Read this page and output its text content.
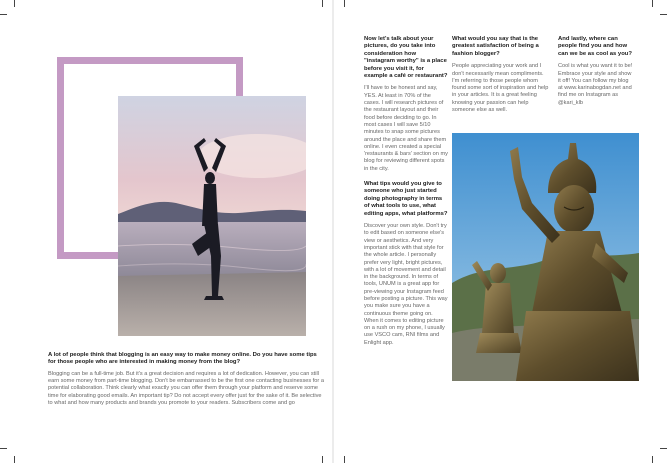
A lot of people think that blogging is an easy way to make money online. Do you have some tips for those people who are interested in making money from the blog?

Blogging can be a full-time job. But it's a great decision and requires a lot of dedication. However, you can still earn some money from part-time blogging. Don't be embarrassed to be the first one contacting businesses for a potential collaboration. Think clearly what exactly you can offer them through your platform and reserve some time for elaborating good emails. An important tip? Do not accept every offer just for the sake of it. Be selective to what and how many products and brands you promote to your readers. Subscribers come and go

Now let's talk about your pictures, do you take into consideration how "instagram worthy" is a place before you visit it, for example a café or restaurant?

I'll have to be honest and say, YES. At least in 70% of the cases. I will research pictures of the restaurant layout and their food before deciding to go. In most cases I will save 5/10 minutes to snap some pictures around the place and share them online. I even created a special 'restaurants & bars' section on my blog for reviewing different spots in the city.

What tips would you give to someone who just started doing photography in terms of what tools to use, what editing apps, what platforms?

Discover your own style. Don't try to edit based on someone else's view or aesthetics. And very important stick with that style for the whole article. I personally prefer very light, bright pictures, with a lot of movement and detail in the background. In terms of tools, UNUM is a great app for pre-viewing your Instagram feed before posting a picture. This way you make sure you have a continuous theme going on. When it comes to editing picture on a rush on my phone, I usually use VSCO cam, RNI films and Enlight app.

What would you say that is the greatest satisfaction of being a fashion blogger?

People appreciating your work and I don't necessarily mean compliments. I'm referring to those people whom found some sort of inspiration and help in your articles. It is a great feeling knowing your passion can help someone else as well.

And lastly, where can people find you and how can we be as cool as you?

Cool is what you want it to be! Embrace your style and show it off! You can follow my blog at www.karinabogdan.net and find me on Instagram as @kari_klb
